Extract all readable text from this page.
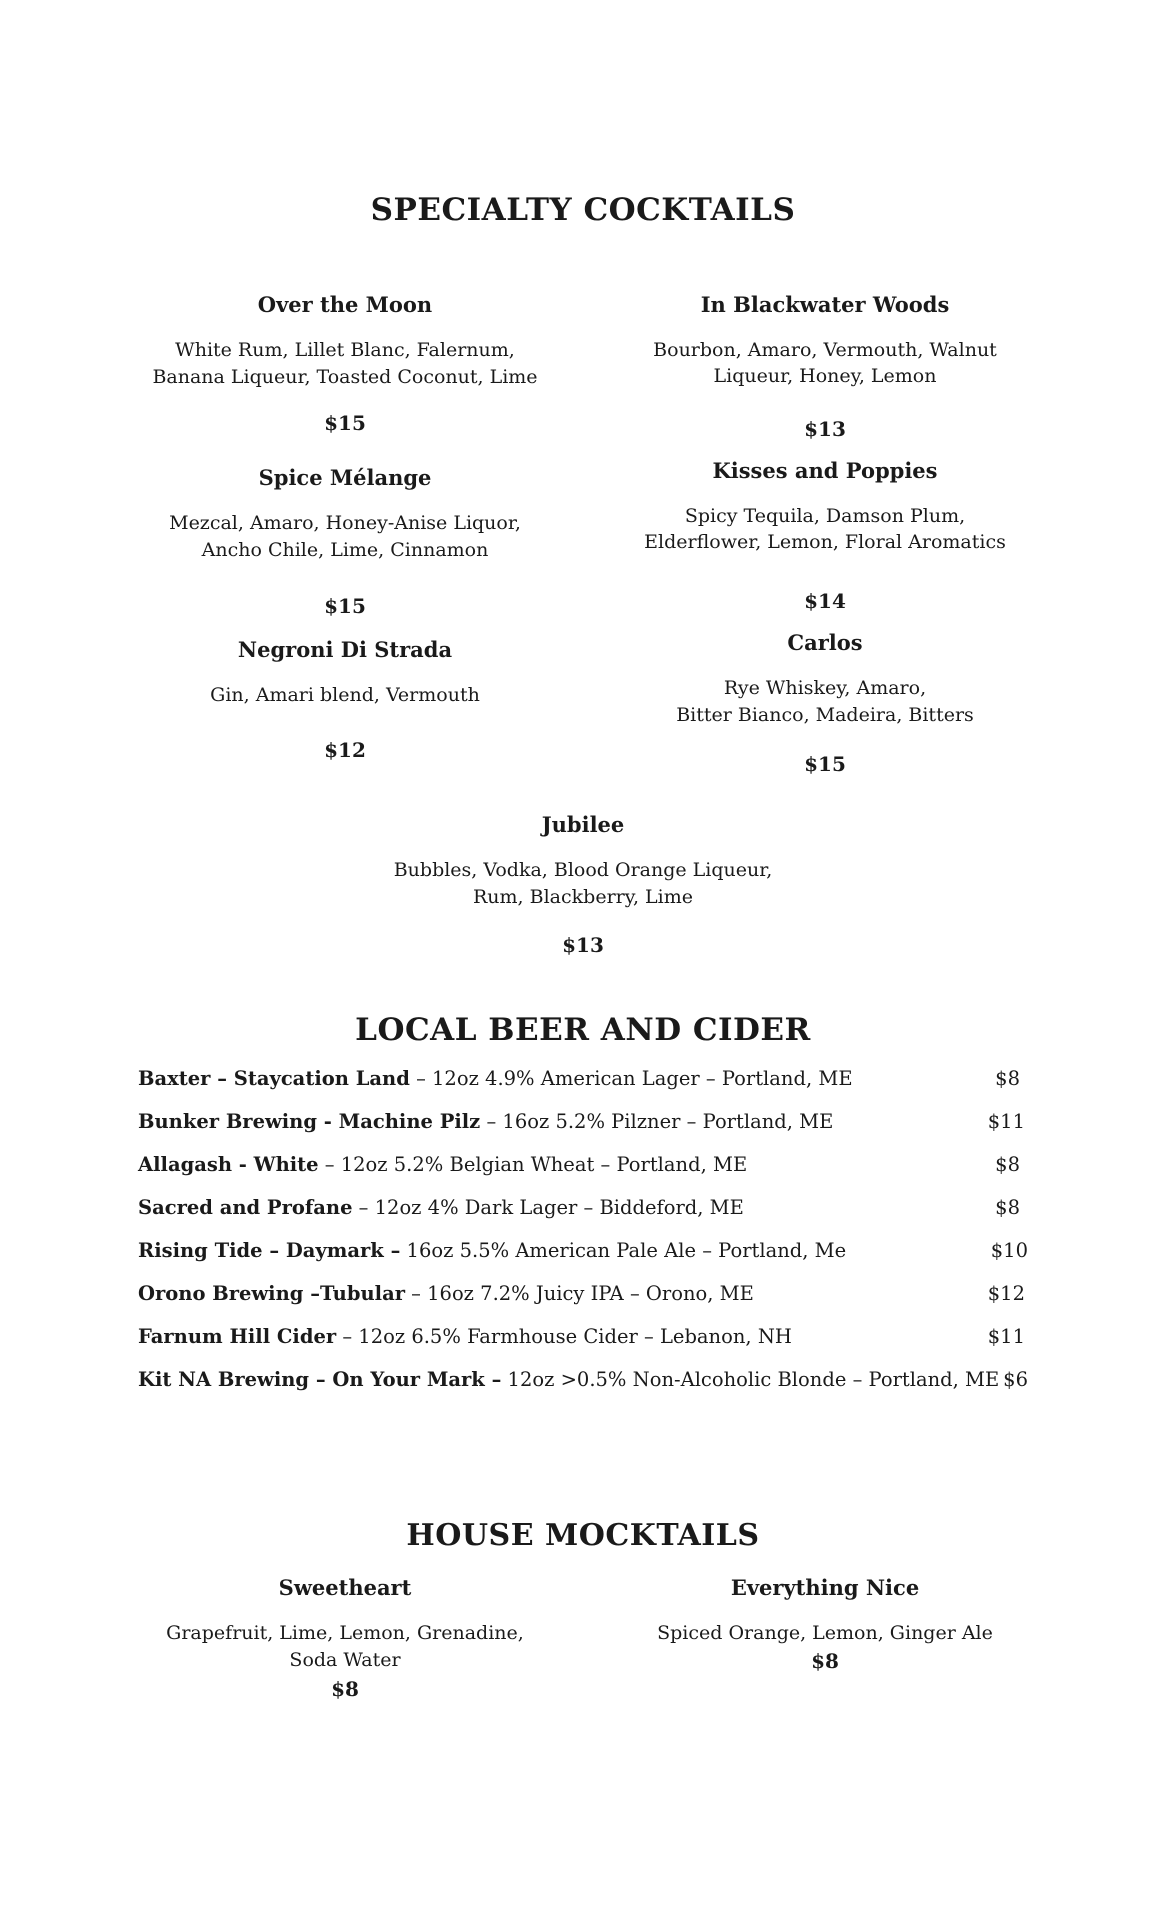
SPECIALTY COCKTAILS
Over the Moon
White Rum, Lillet Blanc, Falernum,
Banana Liqueur, Toasted Coconut, Lime
$15
Spice Mélange
Mezcal, Amaro, Honey-Anise Liquor,
Ancho Chile, Lime, Cinnamon
$15
Negroni Di Strada
Gin, Amari blend, Vermouth
$12
In Blackwater Woods
Bourbon, Amaro, Vermouth, Walnut
Liqueur, Honey, Lemon
$13
Kisses and Poppies
Spicy Tequila, Damson Plum,
Elderflower, Lemon, Floral Aromatics
$14
Carlos
Rye Whiskey, Amaro,
Bitter Bianco, Madeira, Bitters
$15
Jubilee
Bubbles, Vodka, Blood Orange Liqueur,
Rum, Blackberry, Lime
$13
LOCAL BEER AND CIDER
Baxter – Staycation Land – 12oz 4.9% American Lager – Portland, ME	$8
Bunker Brewing - Machine Pilz – 16oz 5.2% Pilzner – Portland, ME	$11
Allagash - White – 12oz 5.2% Belgian Wheat – Portland, ME	$8
Sacred and Profane – 12oz 4% Dark Lager – Biddeford, ME	$8
Rising Tide – Daymark – 16oz 5.5% American Pale Ale – Portland, Me	$10
Orono Brewing –Tubular – 16oz 7.2% Juicy IPA – Orono, ME	$12
Farnum Hill Cider – 12oz 6.5% Farmhouse Cider – Lebanon, NH	$11
Kit NA Brewing – On Your Mark – 12oz >0.5% Non-Alcoholic Blonde – Portland, ME $6
HOUSE MOCKTAILS
Sweetheart
Grapefruit, Lime, Lemon, Grenadine,
Soda Water
$8
Everything Nice
Spiced Orange, Lemon, Ginger Ale
$8
